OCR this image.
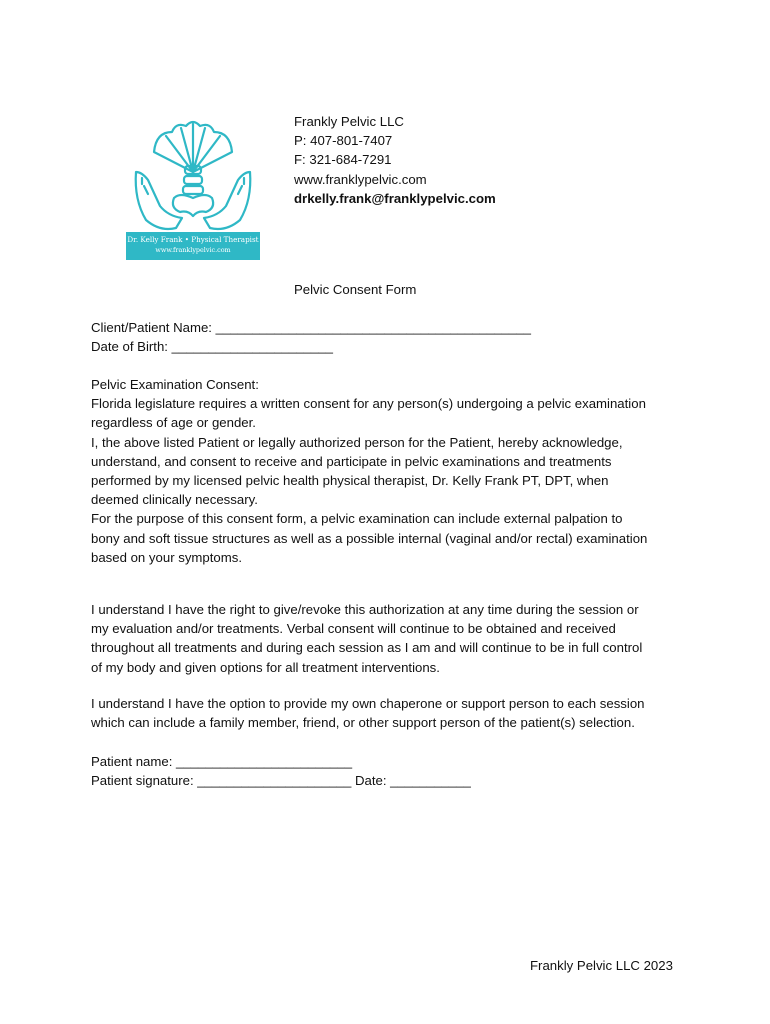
Dr. Kelly Frank • Physical Therapist
www.franklypelvic.com
Frankly Pelvic LLC
P: 407-801-7407
F: 321-684-7291
www.franklypelvic.com
drkelly.frank@franklypelvic.com
Pelvic Consent Form
Client/Patient Name: ___________________________________________
Date of Birth: ______________________
Pelvic Examination Consent:
Florida legislature requires a written consent for any person(s) undergoing a pelvic examination
regardless of age or gender.
I, the above listed Patient or legally authorized person for the Patient, hereby acknowledge,
understand, and consent to receive and participate in pelvic examinations and treatments
performed by my licensed pelvic health physical therapist, Dr. Kelly Frank PT, DPT, when
deemed clinically necessary.
For the purpose of this consent form, a pelvic examination can include external palpation to
bony and soft tissue structures as well as a possible internal (vaginal and/or rectal) examination
based on your symptoms.
I understand I have the right to give/revoke this authorization at any time during the session or
my evaluation and/or treatments. Verbal consent will continue to be obtained and received
throughout all treatments and during each session as I am and will continue to be in full control
of my body and given options for all treatment interventions.
I understand I have the option to provide my own chaperone or support person to each session
which can include a family member, friend, or other support person of the patient(s) selection.
Patient name: ________________________
Patient signature: _____________________ Date: ___________
Frankly Pelvic LLC 2023
